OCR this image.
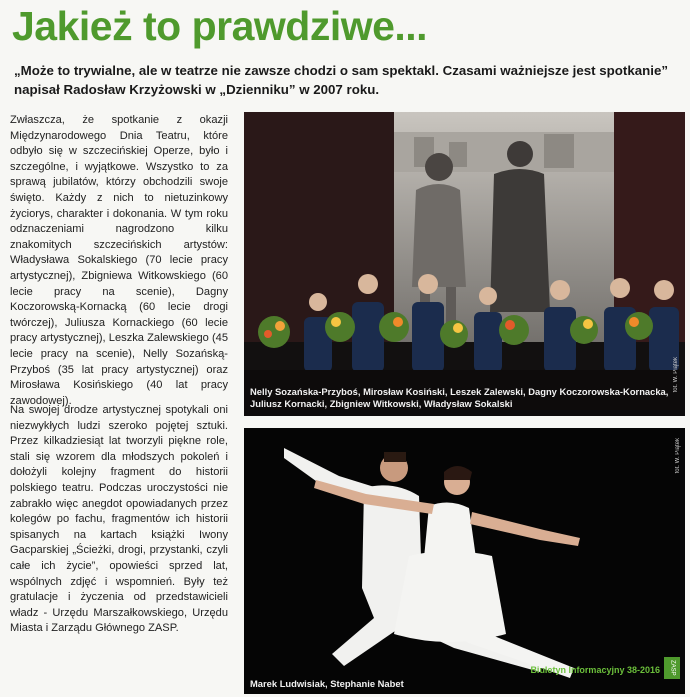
Jakież to prawdziwe...

„Może to trywialne, ale w teatrze nie zawsze chodzi o sam spektakl. Czasami ważniejsze jest spotkanie” napisał Radosław Krzyżowski w „Dzienniku” w 2007 roku.

Zwłaszcza, że spotkanie z okazji Międzynarodowego Dnia Teatru, które odbyło się w szczecińskiej Operze, było i szczególne, i wyjątkowe. Wszystko to za sprawą jubilatów, którzy obchodzili swoje święto. Każdy z nich to nietuzinkowy życiorys, charakter i dokonania. W tym roku odznaczeniami nagrodzono kilku znakomitych szczecińskich artystów: Władysława Sokalskiego (70 lecie pracy artystycznej), Zbigniewa Witkowskiego (60 lecie pracy na scenie), Dagny Koczorowską-Kornacką (60 lecie drogi twórczej), Juliusza Kornackiego (60 lecie pracy artystycznej), Leszka Zalewskiego (45 lecie pracy na scenie), Nelly Sozańską-Przyboś (35 lat pracy artystycznej) oraz Mirosława Kosińskiego (40 lat pracy zawodowej).

Na swojej drodze artystycznej spotykali oni niezwykłych ludzi szeroko pojętej sztuki. Przez kilkadziesiąt lat tworzyli piękne role, stali się wzorem dla młodszych pokoleń i dołożyli kolejny fragment do historii polskiego teatru. Podczas uroczystości nie zabrakło więc anegdot opowiadanych przez kolegów po fachu, fragmentów ich historii spisanych na kartach książki Iwony Gacparskiej „Ścieżki, drogi, przystanki, czyli całe ich życie”, opowieści sprzed lat, wspólnych zdjęć i wspomnień. Były też gratulacje i życzenia od przedstawicieli władz - Urzędu Marszałkowskiego, Urzędu Miasta i Zarządu Głównego ZASP.

fot. W. Piątek
Nelly Sozańska-Przyboś, Mirosław Kosiński, Leszek Zalewski, Dagny Koczorowska-Kornacka, Juliusz Kornacki, Zbigniew Witkowski, Władysław Sokalski
fot. W. Piątek
Marek Ludwisiak, Stephanie Nabet
Biuletyn Informacyjny 38-2016	ZASP
